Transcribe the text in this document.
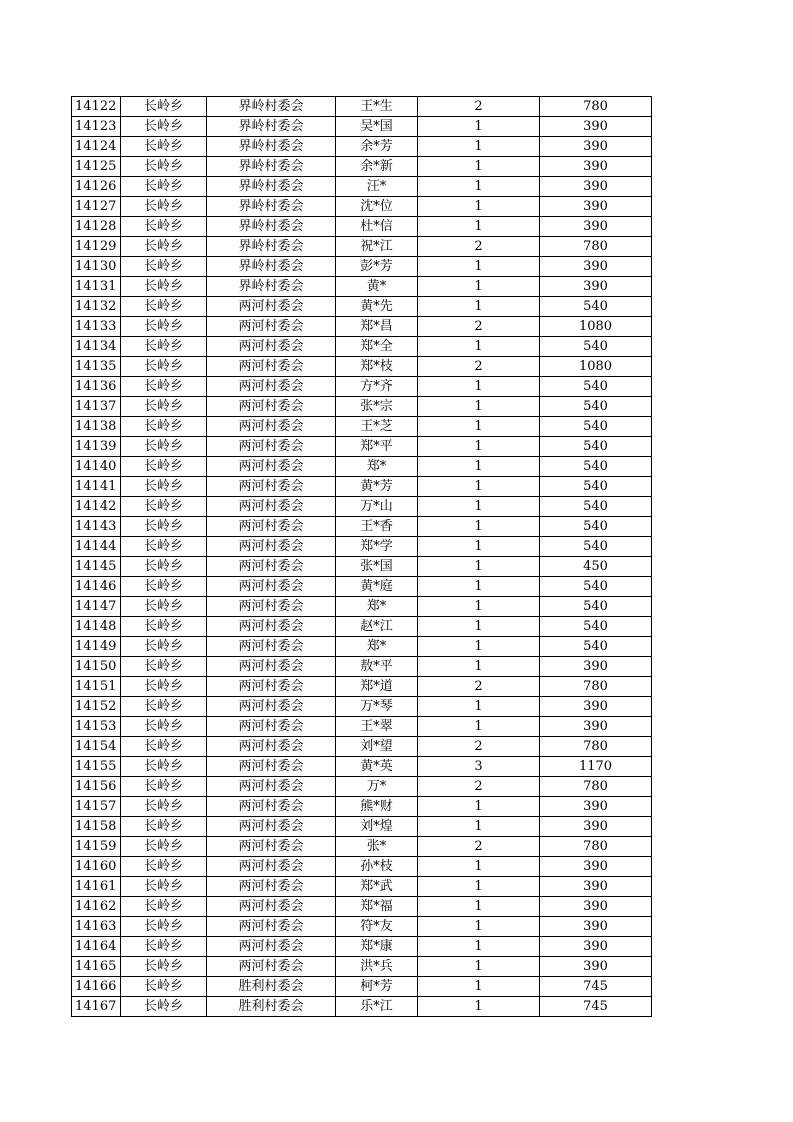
14122	长岭乡	界岭村委会	王*生	2	780
14123	长岭乡	界岭村委会	吴*国	1	390
14124	长岭乡	界岭村委会	余*芳	1	390
14125	长岭乡	界岭村委会	余*新	1	390
14126	长岭乡	界岭村委会	汪*	1	390
14127	长岭乡	界岭村委会	沈*位	1	390
14128	长岭乡	界岭村委会	杜*信	1	390
14129	长岭乡	界岭村委会	祝*江	2	780
14130	长岭乡	界岭村委会	彭*芳	1	390
14131	长岭乡	界岭村委会	黄*	1	390
14132	长岭乡	两河村委会	黄*先	1	540
14133	长岭乡	两河村委会	郑*昌	2	1080
14134	长岭乡	两河村委会	郑*全	1	540
14135	长岭乡	两河村委会	郑*枝	2	1080
14136	长岭乡	两河村委会	方*齐	1	540
14137	长岭乡	两河村委会	张*宗	1	540
14138	长岭乡	两河村委会	王*芝	1	540
14139	长岭乡	两河村委会	郑*平	1	540
14140	长岭乡	两河村委会	郑*	1	540
14141	长岭乡	两河村委会	黄*芳	1	540
14142	长岭乡	两河村委会	万*山	1	540
14143	长岭乡	两河村委会	王*香	1	540
14144	长岭乡	两河村委会	郑*学	1	540
14145	长岭乡	两河村委会	张*国	1	450
14146	长岭乡	两河村委会	黄*庭	1	540
14147	长岭乡	两河村委会	郑*	1	540
14148	长岭乡	两河村委会	赵*江	1	540
14149	长岭乡	两河村委会	郑*	1	540
14150	长岭乡	两河村委会	敖*平	1	390
14151	长岭乡	两河村委会	郑*道	2	780
14152	长岭乡	两河村委会	万*琴	1	390
14153	长岭乡	两河村委会	王*翠	1	390
14154	长岭乡	两河村委会	刘*望	2	780
14155	长岭乡	两河村委会	黄*英	3	1170
14156	长岭乡	两河村委会	万*	2	780
14157	长岭乡	两河村委会	熊*财	1	390
14158	长岭乡	两河村委会	刘*煌	1	390
14159	长岭乡	两河村委会	张*	2	780
14160	长岭乡	两河村委会	孙*枝	1	390
14161	长岭乡	两河村委会	郑*武	1	390
14162	长岭乡	两河村委会	郑*福	1	390
14163	长岭乡	两河村委会	符*友	1	390
14164	长岭乡	两河村委会	郑*康	1	390
14165	长岭乡	两河村委会	洪*兵	1	390
14166	长岭乡	胜利村委会	柯*芳	1	745
14167	长岭乡	胜利村委会	乐*江	1	745
